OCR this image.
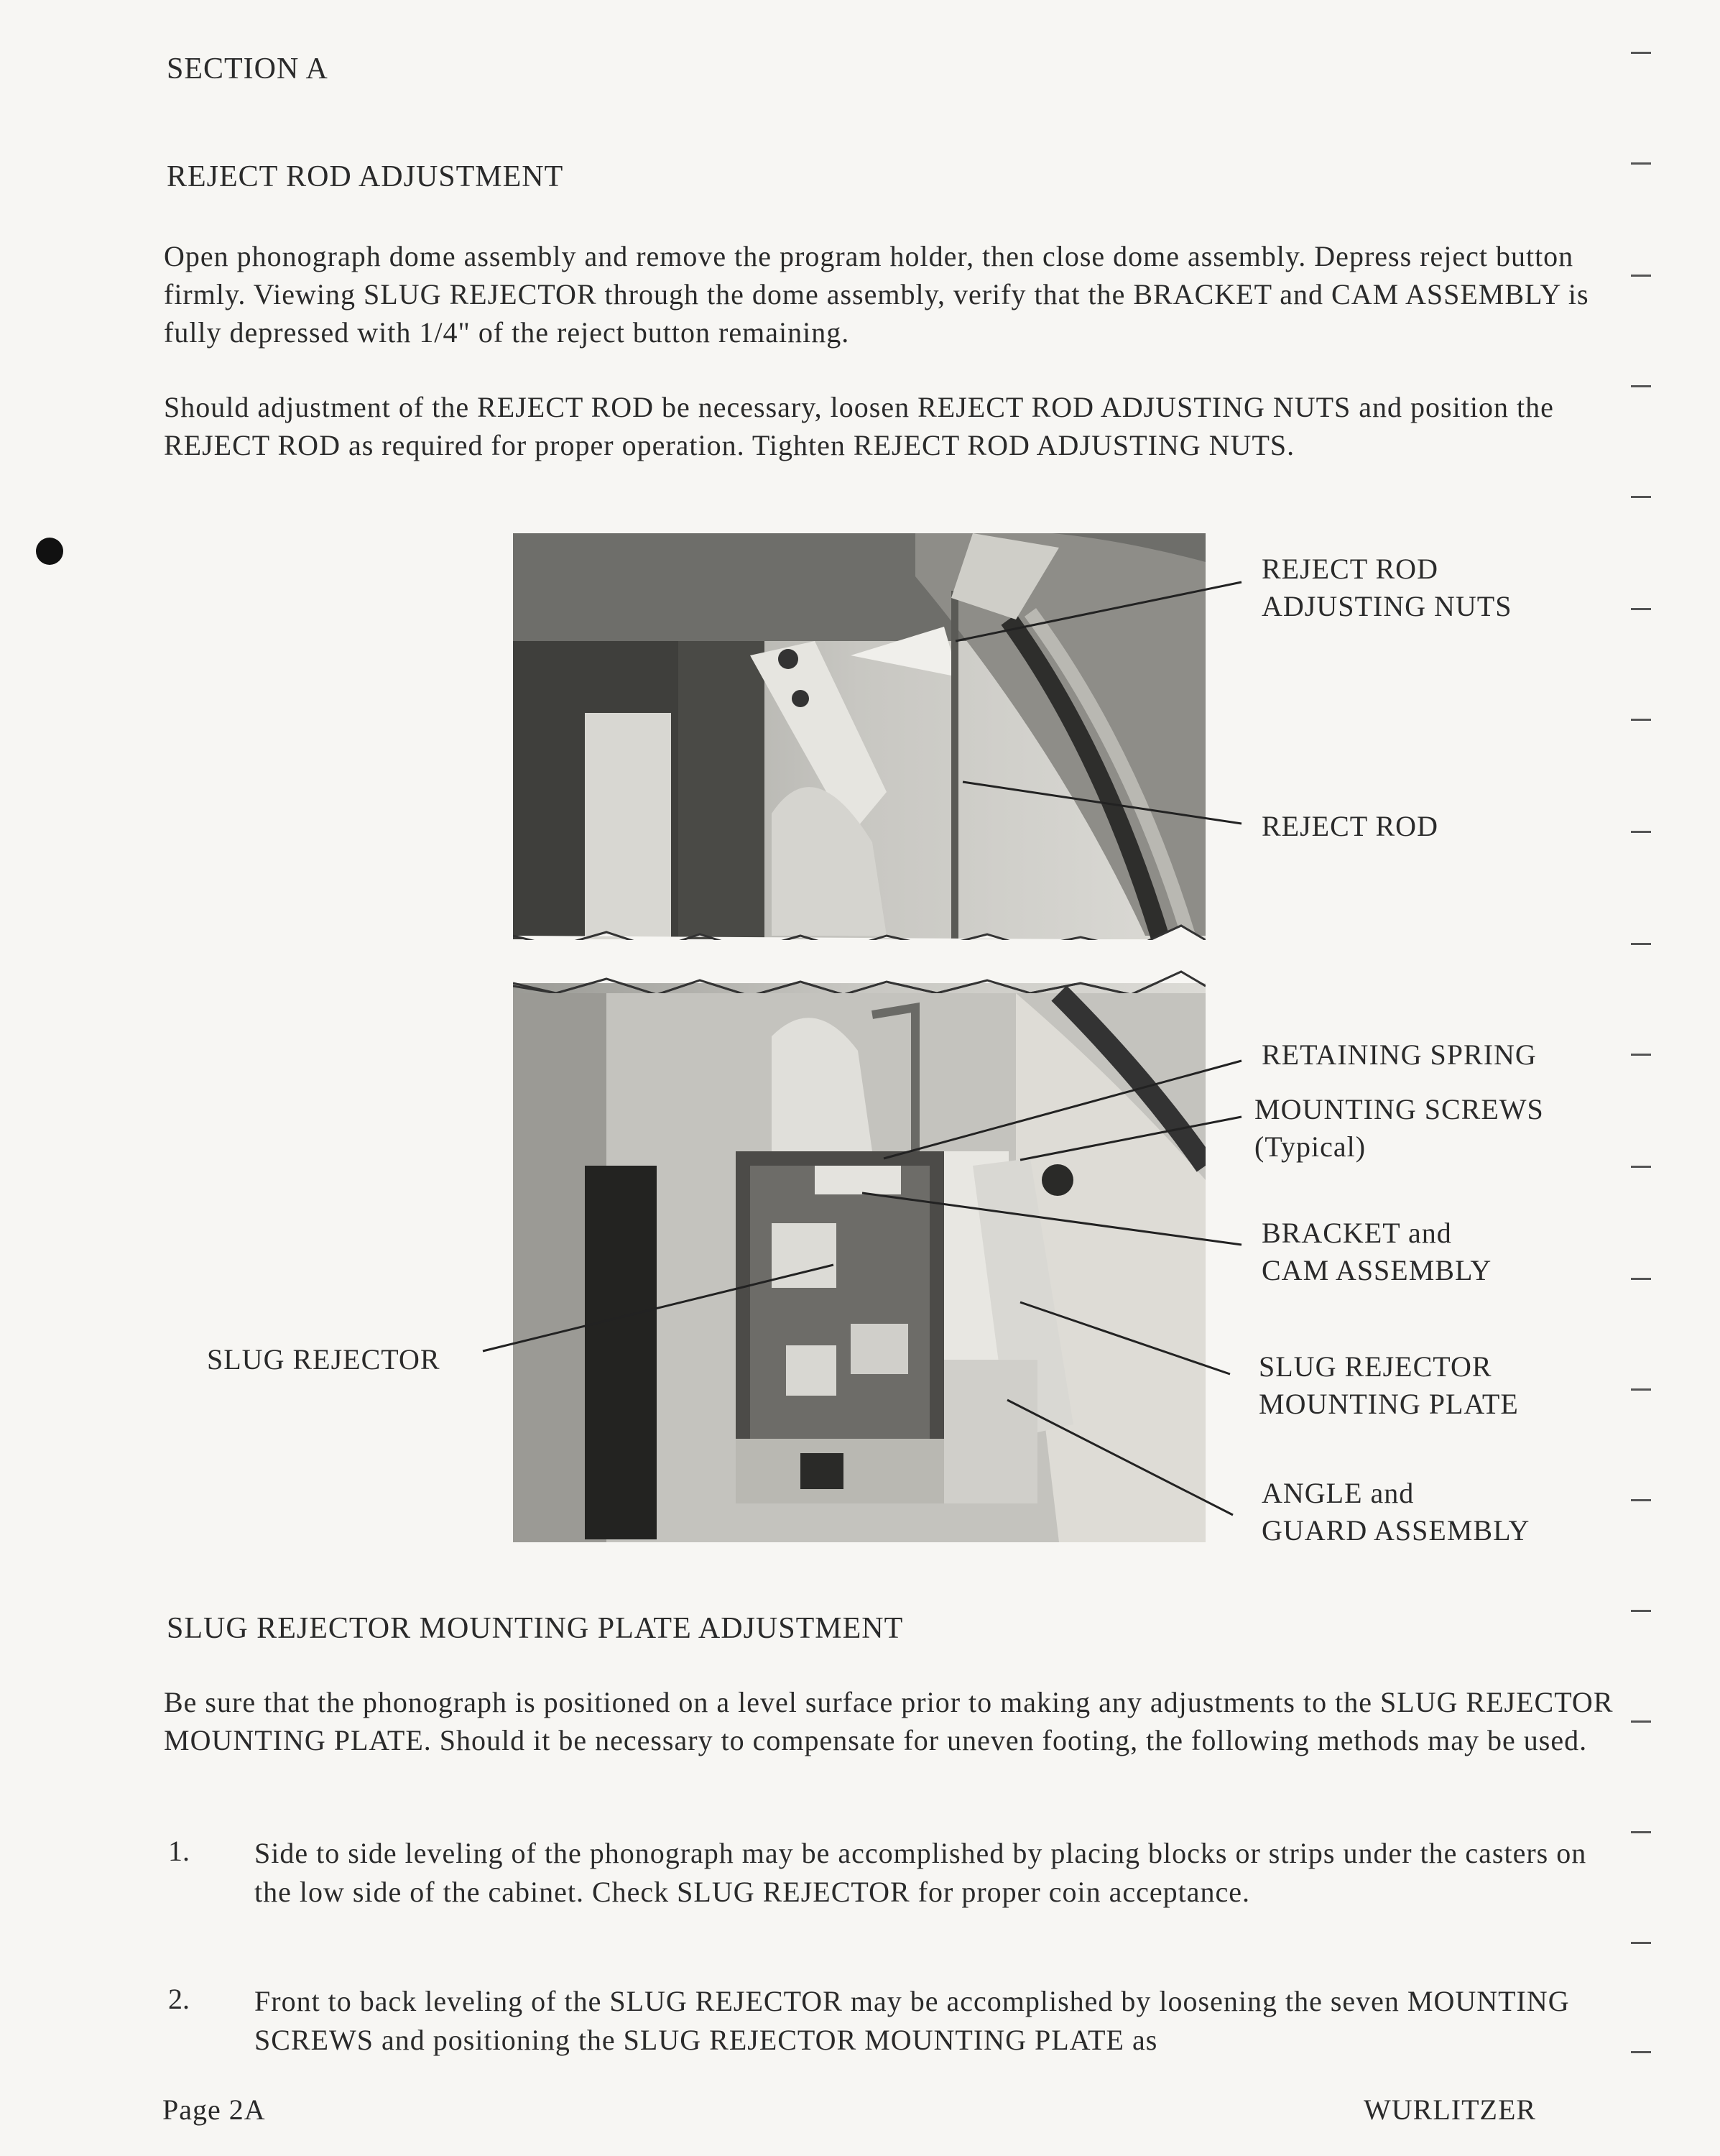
SECTION A
REJECT ROD ADJUSTMENT
Open phonograph dome assembly and remove the program holder, then close dome assembly. Depress reject button firmly. Viewing SLUG REJECTOR through the dome assembly, verify that the BRACKET and CAM ASSEMBLY is fully depressed with 1/4" of the reject button remaining.
Should adjustment of the REJECT ROD be necessary, loosen REJECT ROD ADJUSTING NUTS and position the REJECT ROD as required for proper operation. Tighten REJECT ROD ADJUSTING NUTS.
REJECT ROD
ADJUSTING NUTS
REJECT ROD
RETAINING SPRING
MOUNTING SCREWS
(Typical)
BRACKET and
CAM ASSEMBLY
SLUG REJECTOR	SLUG REJECTOR
MOUNTING PLATE
ANGLE and
GUARD ASSEMBLY
SLUG REJECTOR MOUNTING PLATE ADJUSTMENT
Be sure that the phonograph is positioned on a level surface prior to making any adjustments to the SLUG REJECTOR MOUNTING PLATE. Should it be necessary to compensate for uneven footing, the following methods may be used.
1. Side to side leveling of the phonograph may be accomplished by placing blocks or strips under the casters on the low side of the cabinet. Check SLUG REJECTOR for proper coin acceptance.
2. Front to back leveling of the SLUG REJECTOR may be accomplished by loosening the seven MOUNTING SCREWS and positioning the SLUG REJECTOR MOUNTING PLATE as
Page 2A	WURLITZER
